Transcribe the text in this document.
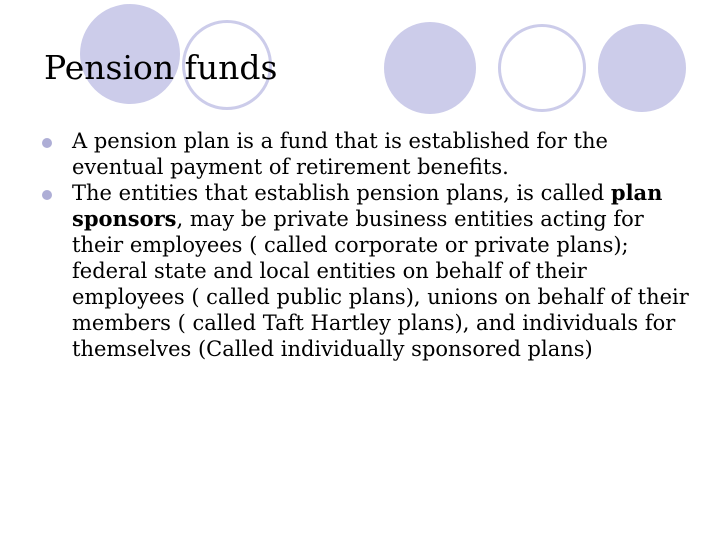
Pension funds
A pension plan is a fund that is established for the eventual payment of retirement benefits.
The entities that establish pension plans, is called plan sponsors, may be private business entities acting for their employees ( called corporate or private plans); federal state and local entities on behalf of their employees ( called public plans), unions on behalf of their members ( called Taft Hartley plans), and individuals for themselves (Called individually sponsored plans)
